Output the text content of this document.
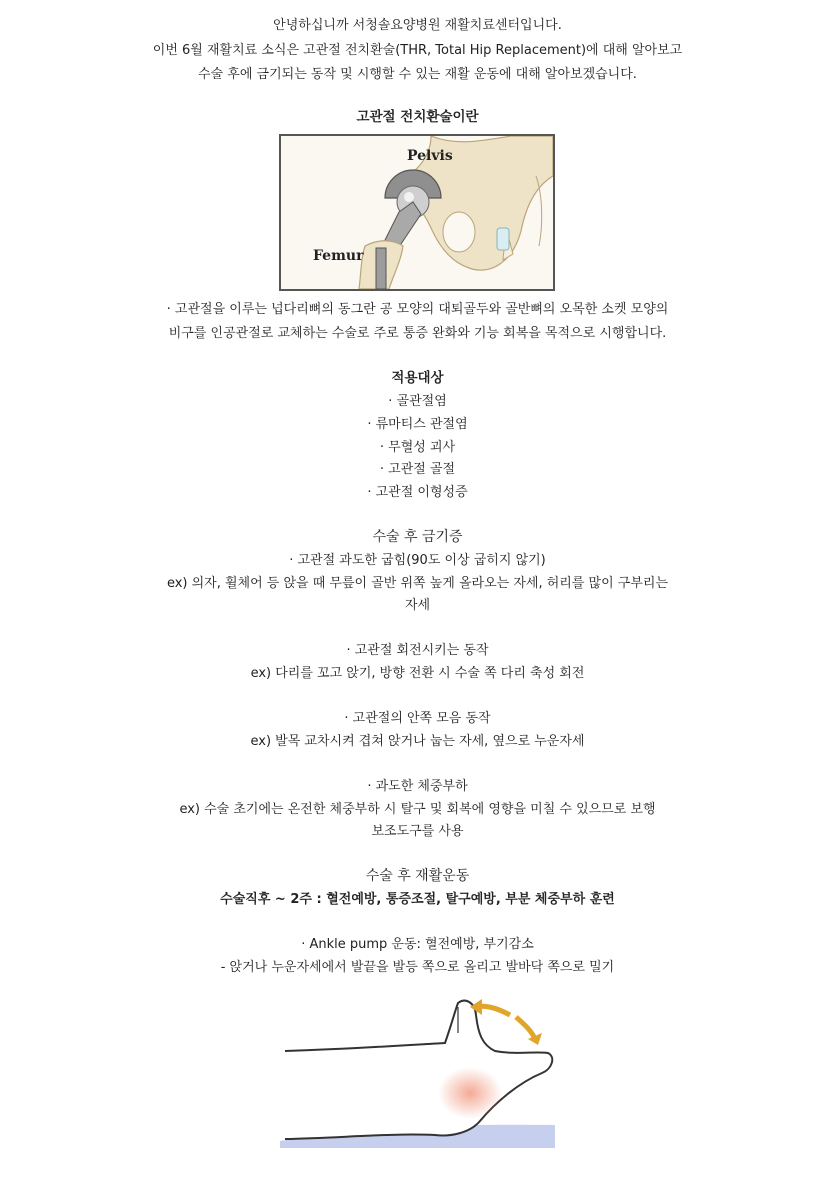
안녕하십니까 서청솔요양병원 재활치료센터입니다.
이번 6월 재활치료 소식은 고관절 전치환술(THR, Total Hip Replacement)에 대해 알아보고
수술 후에 금기되는 동작 및 시행할 수 있는 재활 운동에 대해 알아보겠습니다.
고관절 전치환술이란
Pelvis
Femur
· 고관절을 이루는 넙다리뼈의 동그란 공 모양의 대퇴골두와 골반뼈의 오목한 소켓 모양의
비구를 인공관절로 교체하는 수술로 주로 통증 완화와 기능 회복을 목적으로 시행합니다.
적용대상
· 골관절염
· 류마티스 관절염
· 무혈성 괴사
· 고관절 골절
· 고관절 이형성증
수술 후 금기증
· 고관절 과도한 굽힘(90도 이상 굽히지 않기)
ex) 의자, 휠체어 등 앉을 때 무릎이 골반 위쪽 높게 올라오는 자세, 허리를 많이 구부리는
자세
· 고관절 회전시키는 동작
ex) 다리를 꼬고 앉기, 방향 전환 시 수술 쪽 다리 축성 회전
· 고관절의 안쪽 모음 동작
ex) 발목 교차시켜 겹쳐 앉거나 눕는 자세, 옆으로 누운자세
· 과도한 체중부하
ex) 수술 초기에는 온전한 체중부하 시 탈구 및 회복에 영향을 미칠 수 있으므로 보행
보조도구를 사용
수술 후 재활운동
수술직후 ~ 2주 : 혈전예방, 통증조절, 탈구예방, 부분 체중부하 훈련
· Ankle pump 운동: 혈전예방, 부기감소
- 앉거나 누운자세에서 발끝을 발등 쪽으로 올리고 발바닥 쪽으로 밀기
